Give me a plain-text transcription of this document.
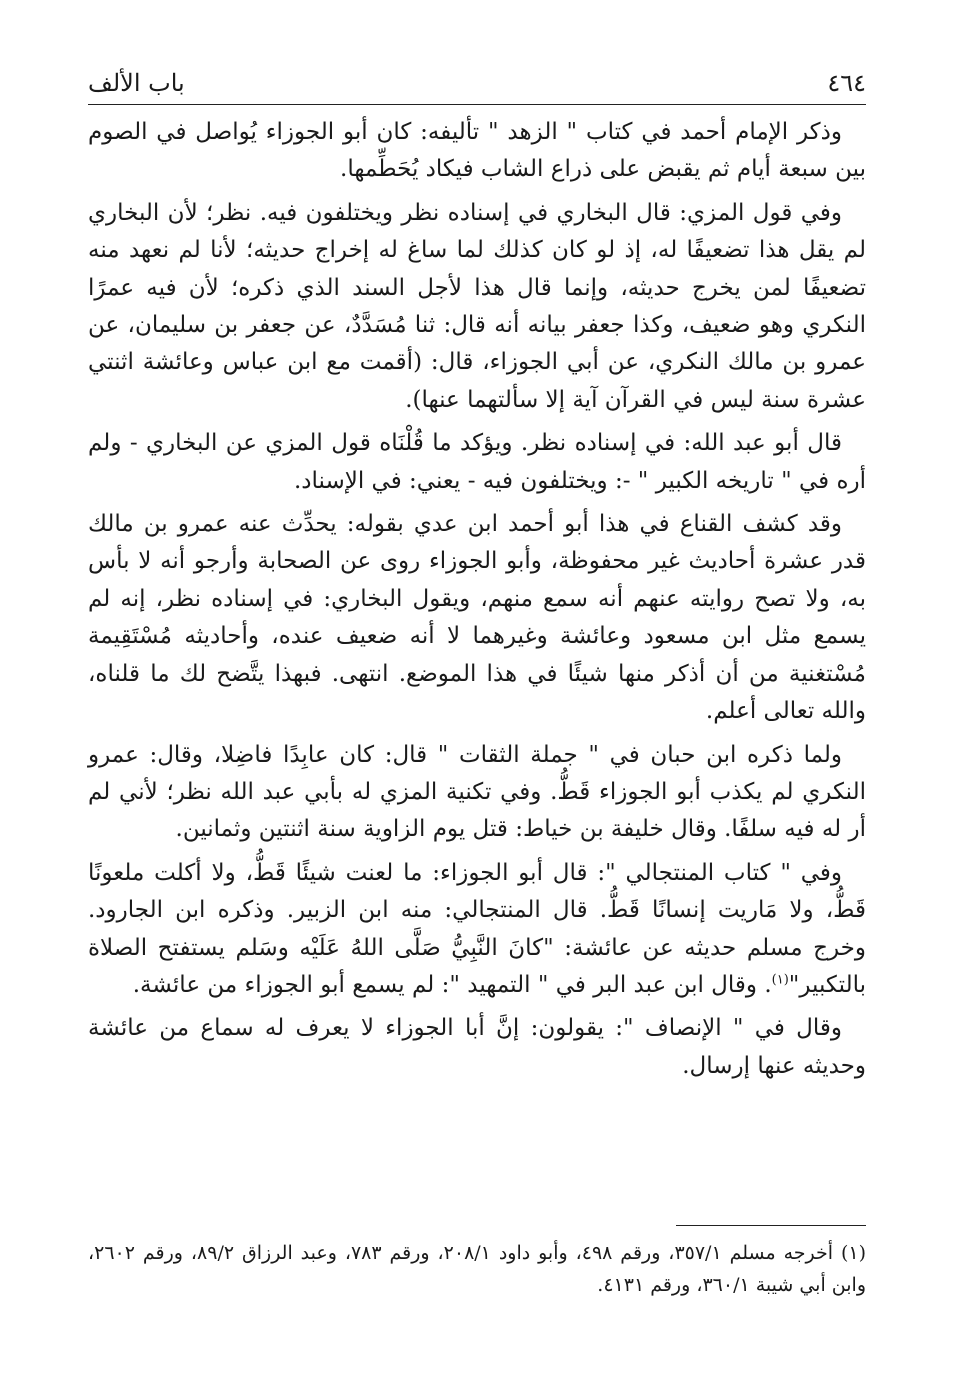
٤٦٤
باب الألف

وذكر الإمام أحمد في كتاب " الزهد " تأليفه: كان أبو الجوزاء يُواصل في الصوم بين سبعة أيام ثم يقبض على ذراع الشاب فيكاد يُحَطِّمها.

وفي قول المزي: قال البخاري في إسناده نظر ويختلفون فيه. نظر؛ لأن البخاري لم يقل هذا تضعيفًا له، إذ لو كان كذلك لما ساغ له إخراج حديثه؛ لأنا لم نعهد منه تضعيفًا لمن يخرج حديثه، وإنما قال هذا لأجل السند الذي ذكره؛ لأن فيه عمرًا النكري وهو ضعيف، وكذا جعفر بيانه أنه قال: ثنا مُسَدَّدٌ، عن جعفر بن سليمان، عن عمرو بن مالك النكري، عن أبي الجوزاء، قال: (أقمت مع ابن عباس وعائشة اثنتي عشرة سنة ليس في القرآن آية إلا سألتهما عنها).

قال أبو عبد الله: في إسناده نظر. ويؤكد ما قُلْنَاه قول المزي عن البخاري - ولم أره في " تاريخه الكبير " -: ويختلفون فيه - يعني: في الإسناد.

وقد كشف القناع في هذا أبو أحمد ابن عدي بقوله: يحدِّث عنه عمرو بن مالك قدر عشرة أحاديث غير محفوظة، وأبو الجوزاء روى عن الصحابة وأرجو أنه لا بأس به، ولا تصح روايته عنهم أنه سمع منهم، ويقول البخاري: في إسناده نظر، إنه لم يسمع مثل ابن مسعود وعائشة وغيرهما لا أنه ضعيف عنده، وأحاديثه مُسْتَقِيمة مُسْتغنية من أن أذكر منها شيئًا في هذا الموضع. انتهى. فبهذا يتَّضح لك ما قلناه، والله تعالى أعلم.

ولما ذكره ابن حبان في " جملة الثقات " قال: كان عابِدًا فاضِلا، وقال: عمرو النكري لم يكذب أبو الجوزاء قَطُّ. وفي تكنية المزي له بأبي عبد الله نظر؛ لأني لم أر له فيه سلفًا. وقال خليفة بن خياط: قتل يوم الزاوية سنة اثنتين وثمانين.

وفي " كتاب المنتجالي ": قال أبو الجوزاء: ما لعنت شيئًا قَطُّ، ولا أكلت ملعونًا قَطُّ، ولا مَاريت إنسانًا قَطُّ. قال المنتجالي: منه ابن الزبير. وذكره ابن الجارود. وخرج مسلم حديثه عن عائشة: "كانَ النَّبِيُّ صَلَّى اللهُ عَلَيْه وسَلم يستفتح الصلاة بالتكبير"$^{(١)}$. وقال ابن عبد البر في " التمهيد ": لم يسمع أبو الجوزاء من عائشة.

وقال في " الإنصاف ": يقولون: إنَّ أبا الجوزاء لا يعرف له سماع من عائشة وحديثه عنها إرسال.

(١) أخرجه مسلم ٣٥٧/١، ورقم ٤٩٨، وأبو داود ٢٠٨/١، ورقم ٧٨٣، وعبد الرزاق ٨٩/٢، ورقم ٢٦٠٢، وابن أبي شيبة ٣٦٠/١، ورقم ٤١٣١.
